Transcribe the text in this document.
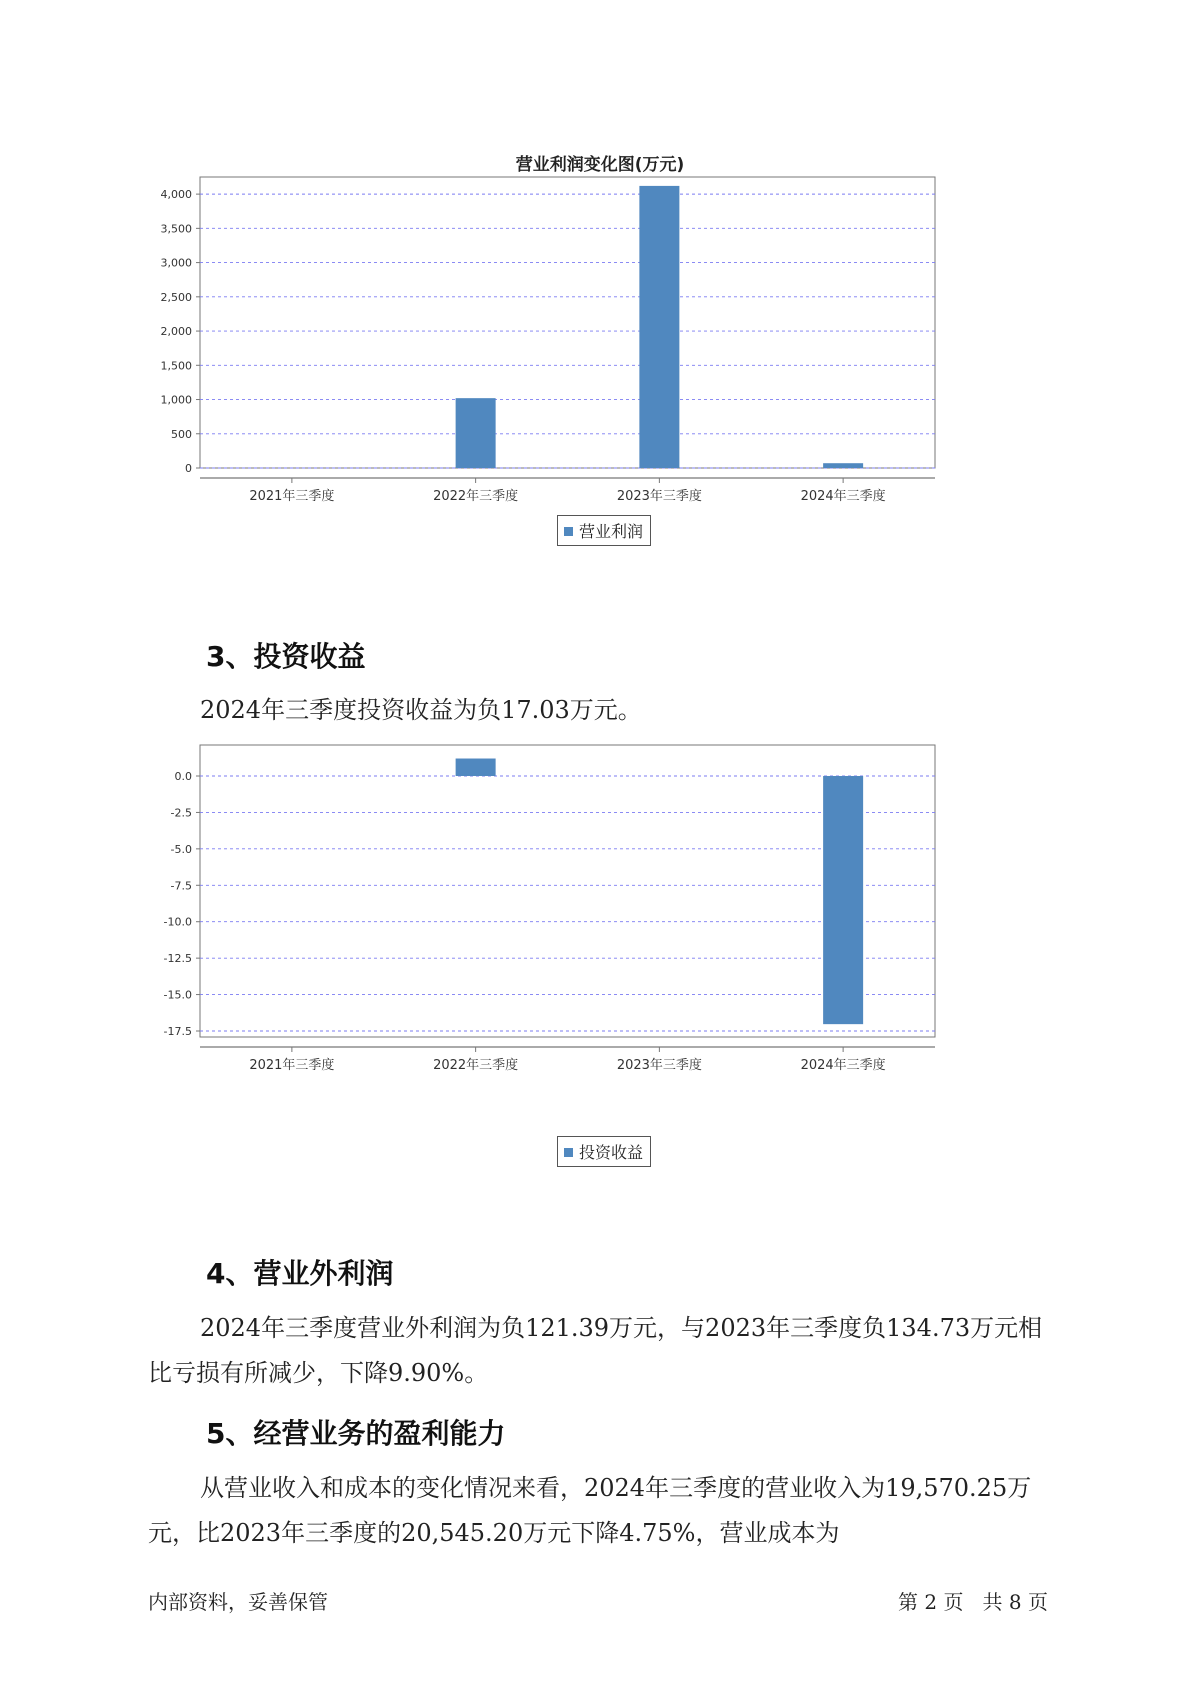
营业利润变化图(万元)
0
500
1,000
1,500
2,000
2,500
3,000
3,500
4,000
2021年三季度	2022年三季度	2023年三季度	2024年三季度
营业利润
3、投资收益
2024年三季度投资收益为负17.03万元。
0.0
-2.5
-5.0
-7.5
-10.0
-12.5
-15.0
-17.5
2021年三季度	2022年三季度	2023年三季度	2024年三季度
投资收益
4、营业外利润
2024年三季度营业外利润为负121.39万元，与2023年三季度负134.73万元相比亏损有所减少，下降9.90%。
5、经营业务的盈利能力
从营业收入和成本的变化情况来看，2024年三季度的营业收入为19,570.25万元，比2023年三季度的20,545.20万元下降4.75%，营业成本为
内部资料，妥善保管	第 2 页   共 8 页
